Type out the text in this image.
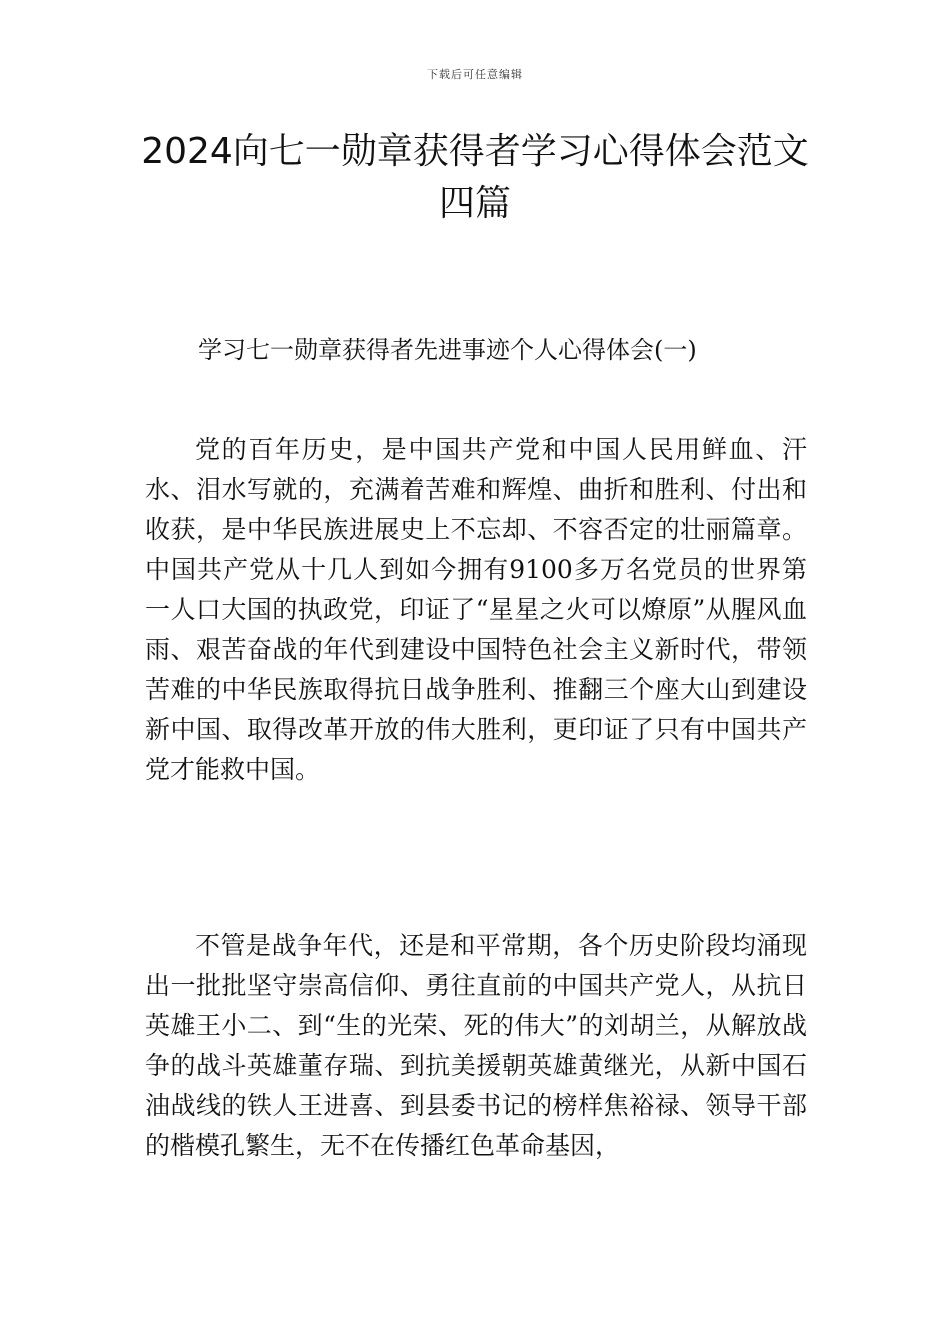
下载后可任意编辑
2024向七一勋章获得者学习心得体会范文四篇
学习七一勋章获得者先进事迹个人心得体会(一)

党的百年历史，是中国共产党和中国人民用鲜血、汗水、泪水写就的，充满着苦难和辉煌、曲折和胜利、付出和收获，是中华民族进展史上不忘却、不容否定的壮丽篇章。中国共产党从十几人到如今拥有9100多万名党员的世界第一人口大国的执政党，印证了“星星之火可以燎原”从腥风血雨、艰苦奋战的年代到建设中国特色社会主义新时代，带领苦难的中华民族取得抗日战争胜利、推翻三个座大山到建设新中国、取得改革开放的伟大胜利，更印证了只有中国共产党才能救中国。

不管是战争年代，还是和平常期，各个历史阶段均涌现出一批批坚守崇高信仰、勇往直前的中国共产党人，从抗日英雄王小二、到“生的光荣、死的伟大”的刘胡兰，从解放战争的战斗英雄董存瑞、到抗美援朝英雄黄继光，从新中国石油战线的铁人王进喜、到县委书记的榜样焦裕禄、领导干部的楷模孔繁生，无不在传播红色革命基因，
